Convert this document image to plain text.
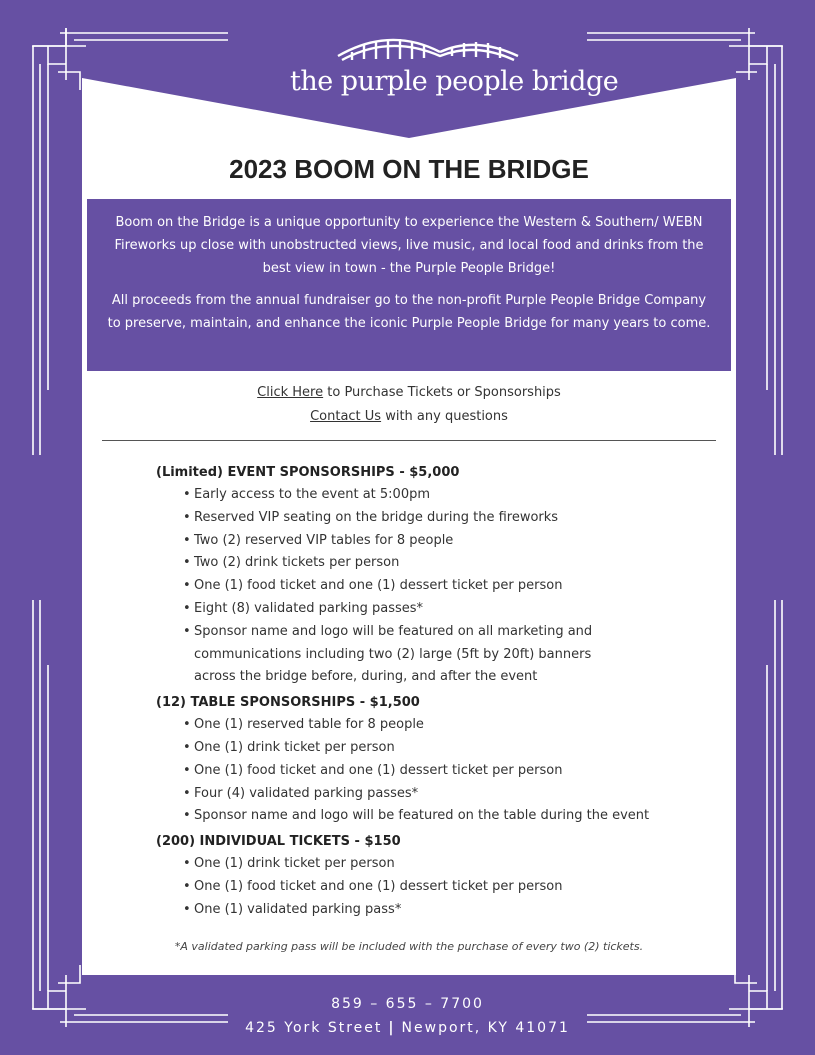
the purple people bridge
2023 BOOM ON THE BRIDGE

Boom on the Bridge is a unique opportunity to experience the Western & Southern/ WEBN Fireworks up close with unobstructed views, live music, and local food and drinks from the best view in town - the Purple People Bridge!

All proceeds from the annual fundraiser go to the non-profit Purple People Bridge Company to preserve, maintain, and enhance the iconic Purple People Bridge for many years to come.

Click Here to Purchase Tickets or Sponsorships
Contact Us with any questions

(Limited) EVENT SPONSORSHIPS - $5,000

• Early access to the event at 5:00pm
• Reserved VIP seating on the bridge during the fireworks
• Two (2) reserved VIP tables for 8 people
• Two (2) drink tickets per person
• One (1) food ticket and one (1) dessert ticket per person
• Eight (8) validated parking passes*
• Sponsor name and logo will be featured on all marketing and communications including two (2) large (5ft by 20ft) banners across the bridge before, during, and after the event

(12) TABLE SPONSORSHIPS - $1,500

• One (1) reserved table for 8 people
• One (1) drink ticket per person
• One (1) food ticket and one (1) dessert ticket per person
• Four (4) validated parking passes*
• Sponsor name and logo will be featured on the table during the event

(200) INDIVIDUAL TICKETS - $150

• One (1) drink ticket per person
• One (1) food ticket and one (1) dessert ticket per person
• One (1) validated parking pass*
*A validated parking pass will be included with the purchase of every two (2) tickets.
859 – 655 – 7700
425 York Street | Newport, KY 41071
